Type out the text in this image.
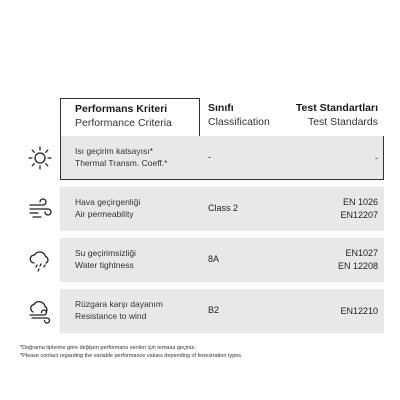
Performans Kriteri
Performance Criteria
Sınıfı
Classification
Test Standartları
Test Standards
Isı geçirim katsayısı*
Thermal Transm. Coeff.*
-	-
Hava geçirgenliği
Air permeability
Class 2
EN 1026
EN12207
Su geçirimsizliği
Water tightness
8A
EN1027
EN 12208
Rüzgara karşı dayanım
Resistance to wind
B2	EN12210
*Doğrama tiplerine göre değişen performans verileri için temasa geçiniz.
*Please contact regarding the variable performance values depending of fenestration types.
